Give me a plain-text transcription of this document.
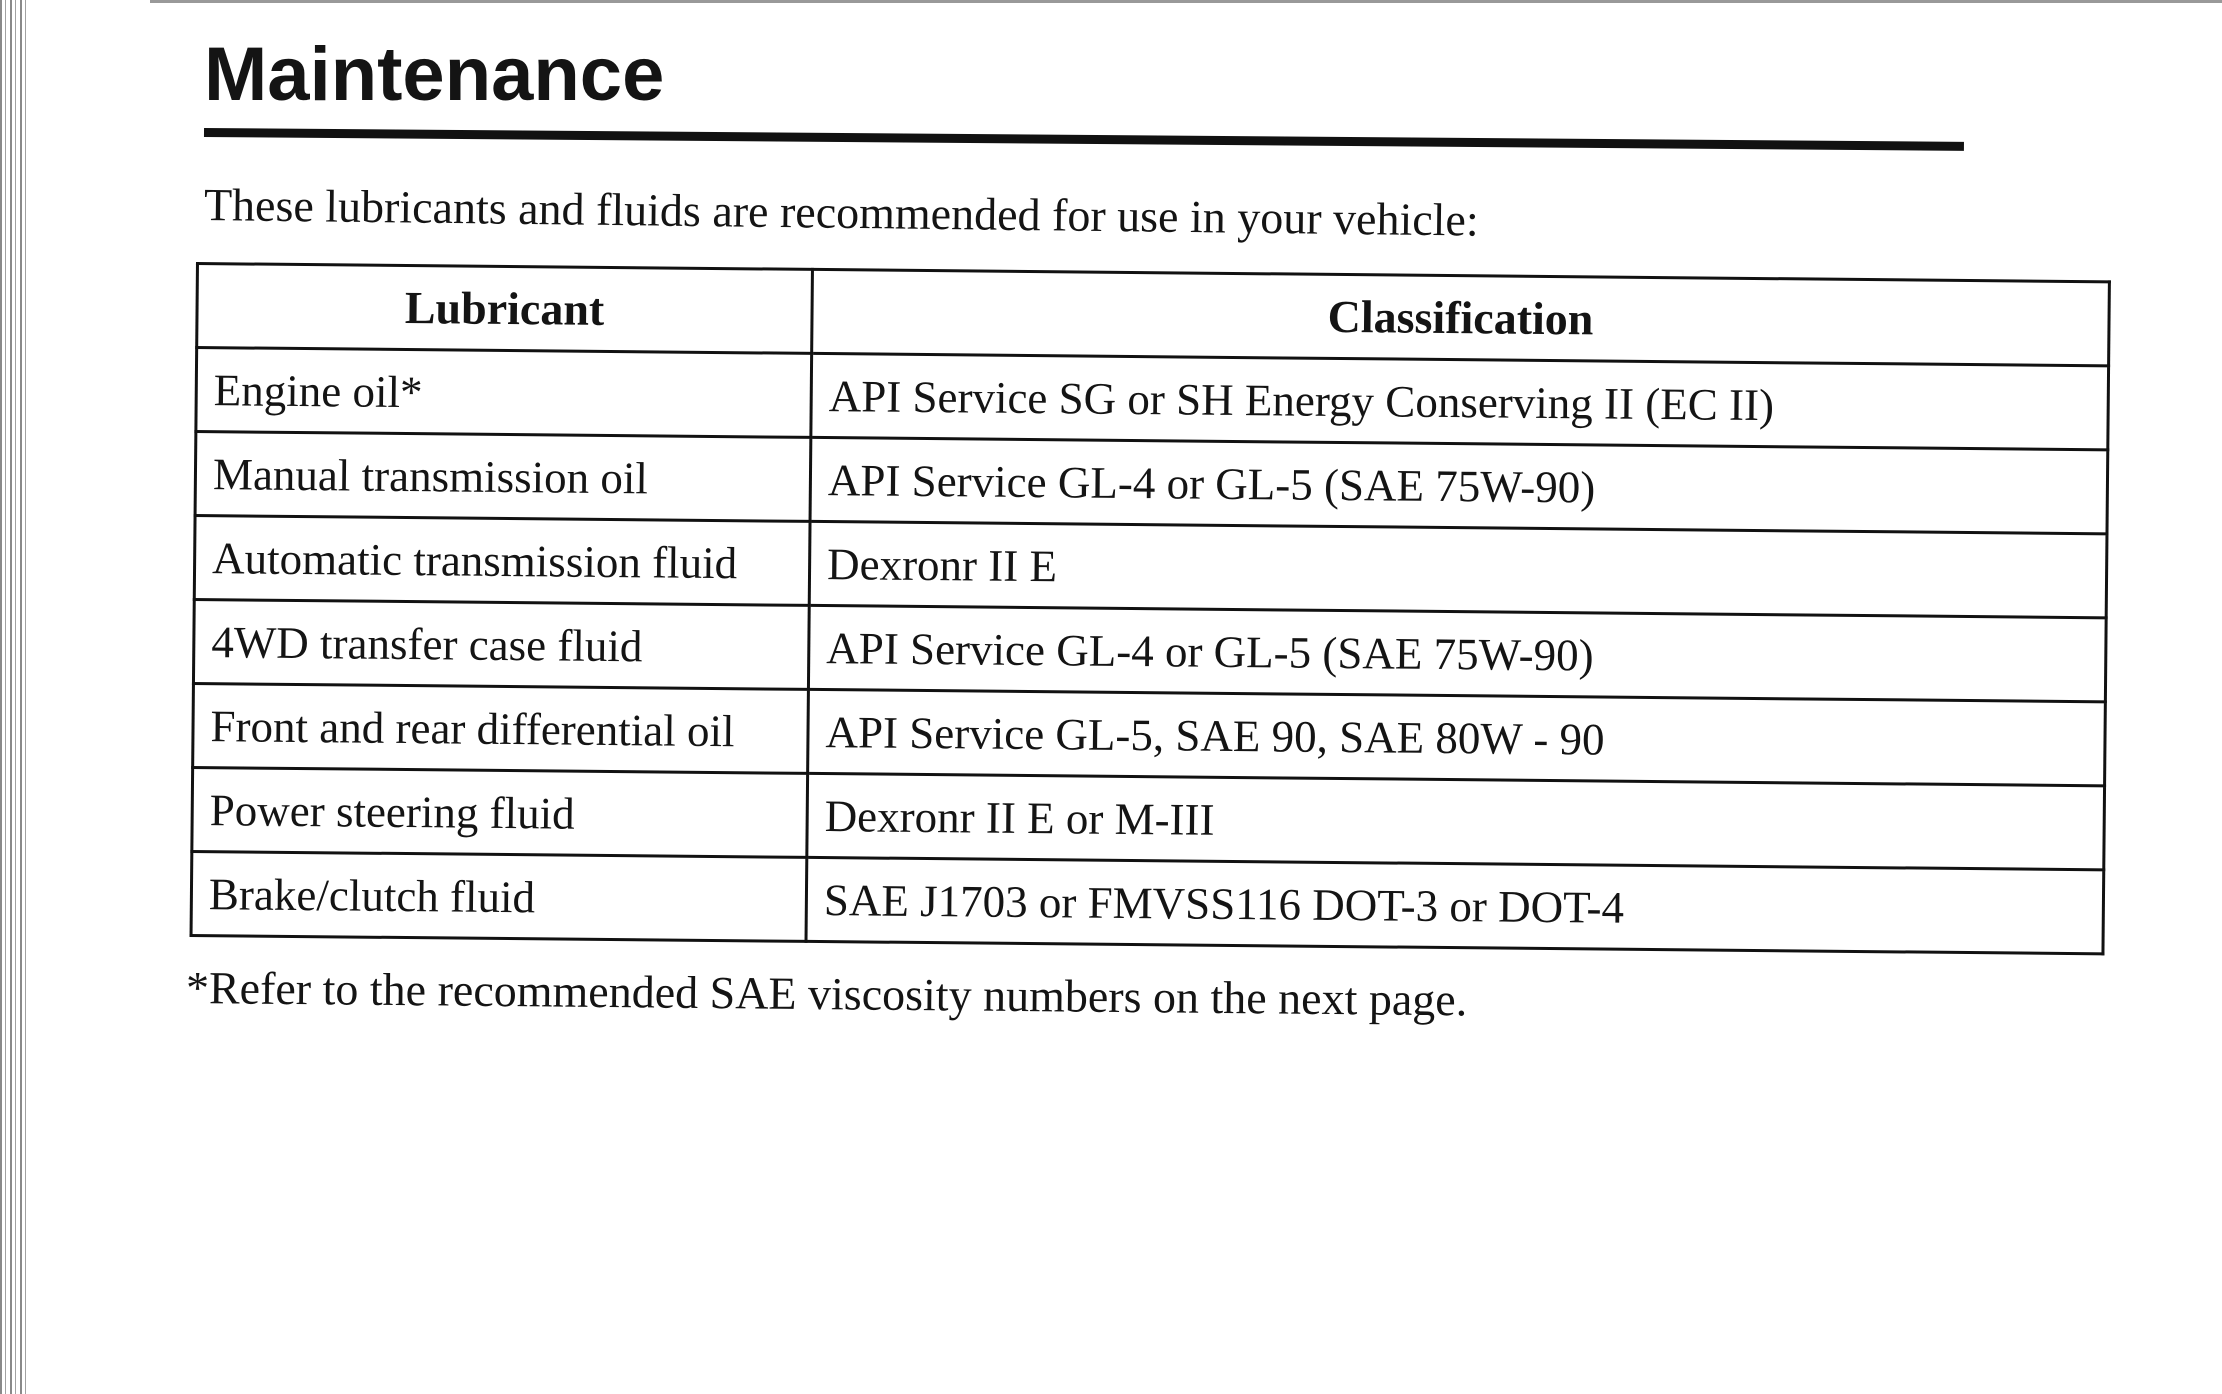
Maintenance

These lubricants and fluids are recommended for use in your vehicle:

Lubricant	Classification
Engine oil*	API Service SG or SH Energy Conserving II (EC II)
Manual transmission oil	API Service GL-4 or GL-5 (SAE 75W-90)
Automatic transmission fluid	Dexronr II E
4WD transfer case fluid	API Service GL-4 or GL-5 (SAE 75W-90)
Front and rear differential oil	API Service GL-5, SAE 90, SAE 80W - 90
Power steering fluid	Dexronr II E or M-III
Brake/clutch fluid	SAE J1703 or FMVSS116 DOT-3 or DOT-4

*Refer to the recommended SAE viscosity numbers on the next page.
